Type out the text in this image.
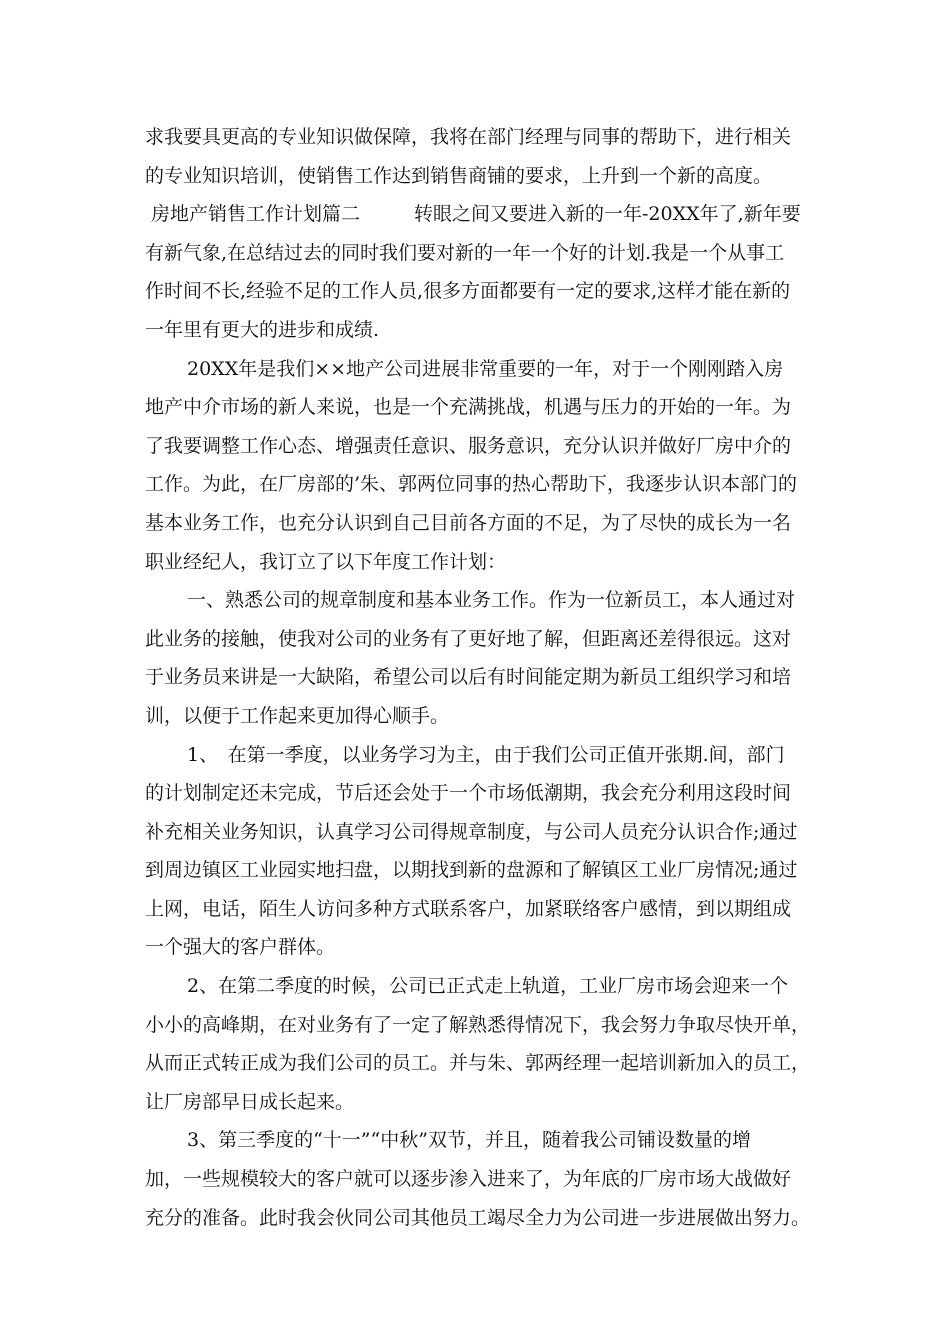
求我要具更高的专业知识做保障，我将在部门经理与同事的帮助下，进行相关
的专业知识培训，使销售工作达到销售商铺的要求，上升到一个新的高度。
房地产销售工作计划篇二	转眼之间又要进入新的一年-20XX年了,新年要
有新气象,在总结过去的同时我们要对新的一年一个好的计划.我是一个从事工
作时间不长,经验不足的工作人员,很多方面都要有一定的要求,这样才能在新的
一年里有更大的进步和成绩.
20XX年是我们××地产公司进展非常重要的一年，对于一个刚刚踏入房
地产中介市场的新人来说，也是一个充满挑战，机遇与压力的开始的一年。为
了我要调整工作心态、增强责任意识、服务意识，充分认识并做好厂房中介的
工作。为此，在厂房部的’朱、郭两位同事的热心帮助下，我逐步认识本部门的
基本业务工作，也充分认识到自己目前各方面的不足，为了尽快的成长为一名
职业经纪人，我订立了以下年度工作计划：
一、熟悉公司的规章制度和基本业务工作。作为一位新员工，本人通过对
此业务的接触，使我对公司的业务有了更好地了解，但距离还差得很远。这对
于业务员来讲是一大缺陷，希望公司以后有时间能定期为新员工组织学习和培
训，以便于工作起来更加得心顺手。
1、　在第一季度，以业务学习为主，由于我们公司正值开张期.间，部门
的计划制定还未完成，节后还会处于一个市场低潮期，我会充分利用这段时间
补充相关业务知识，认真学习公司得规章制度，与公司人员充分认识合作;通过
到周边镇区工业园实地扫盘，以期找到新的盘源和了解镇区工业厂房情况;通过
上网，电话，陌生人访问多种方式联系客户，加紧联络客户感情，到以期组成
一个强大的客户群体。
2、在第二季度的时候，公司已正式走上轨道，工业厂房市场会迎来一个
小小的高峰期，在对业务有了一定了解熟悉得情况下，我会努力争取尽快开单，
从而正式转正成为我们公司的员工。并与朱、郭两经理一起培训新加入的员工，
让厂房部早日成长起来。
3、第三季度的“十一”“中秋”双节，并且，随着我公司铺设数量的增
加，一些规模较大的客户就可以逐步渗入进来了，为年底的厂房市场大战做好
充分的准备。此时我会伙同公司其他员工竭尽全力为公司进一步进展做出努力。
